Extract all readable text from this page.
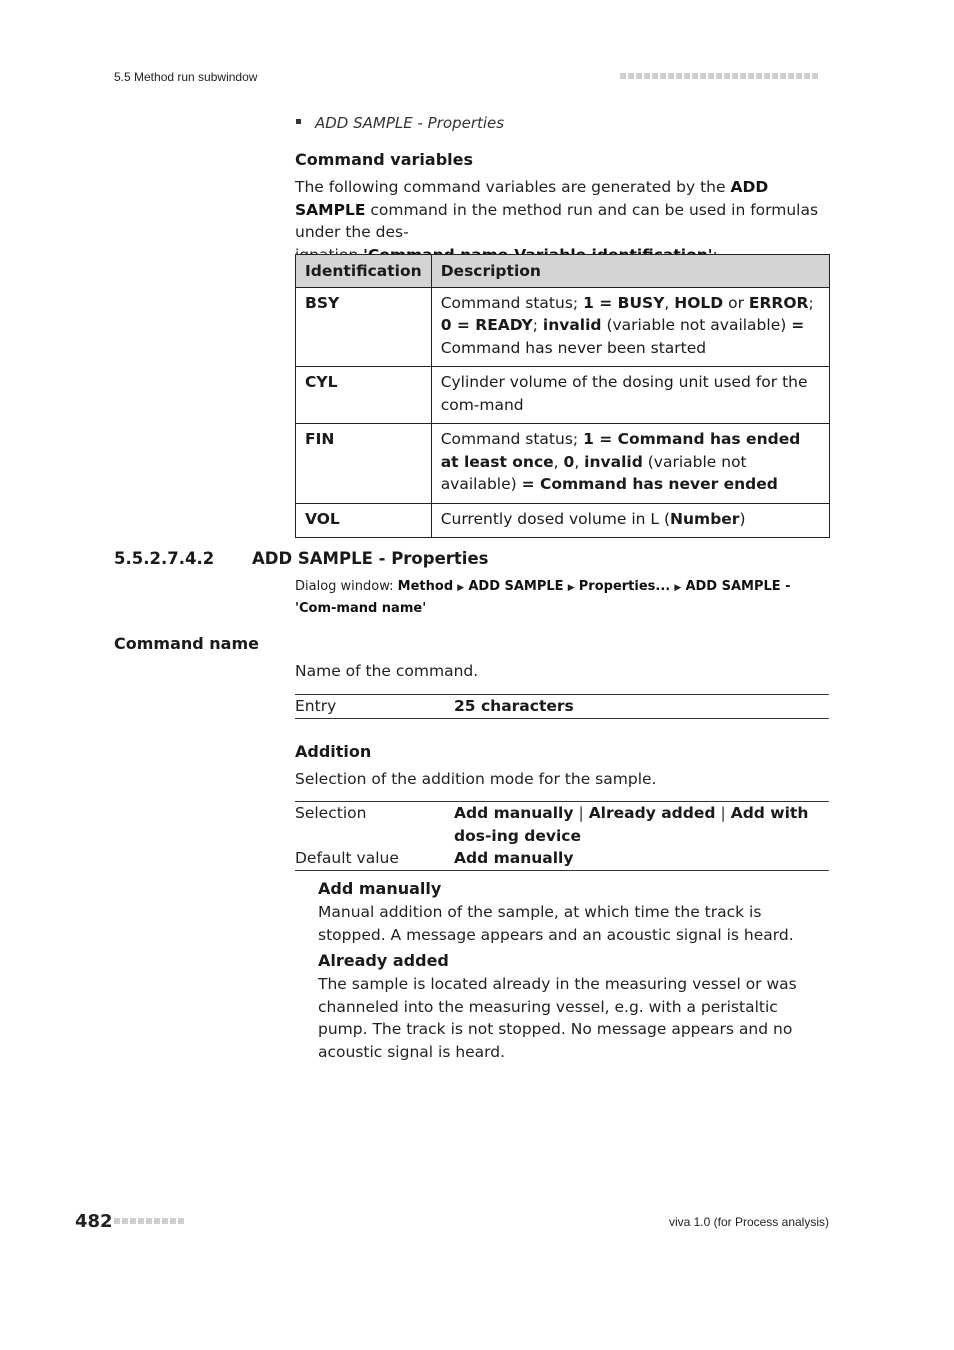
5.5 Method run subwindow
ADD SAMPLE - Properties
Command variables
The following command variables are generated by the ADD SAMPLE command in the method run and can be used in formulas under the des-

Identification	Description
BSY	Command status; 1 = BUSY, HOLD or ERROR; 0 = READY; invalid (variable not available) = Command has never been started
CYL	Cylinder volume of the dosing unit used for the com-mand
FIN	Command status; 1 = Command has ended at least once, 0, invalid (variable not available) = Command has never ended
VOL	Currently dosed volume in L (Number)
5.5.2.7.4.2 ADD SAMPLE - Properties
Dialog window: Method ▶ ADD SAMPLE ▶ Properties... ▶ ADD SAMPLE - 'Com-mand name'
Command name
Name of the command.
Entry	25 characters
Addition
Selection of the addition mode for the sample.
Selection	Add manually | Already added | Add with dos-ing device
Default value	Add manually
Add manually
Manual addition of the sample, at which time the track is stopped. A message appears and an acoustic signal is heard.
Already added
The sample is located already in the measuring vessel or was channeled into the measuring vessel, e.g. with a peristaltic pump. The track is not stopped. No message appears and no acoustic signal is heard.
482	viva 1.0 (for Process analysis)
